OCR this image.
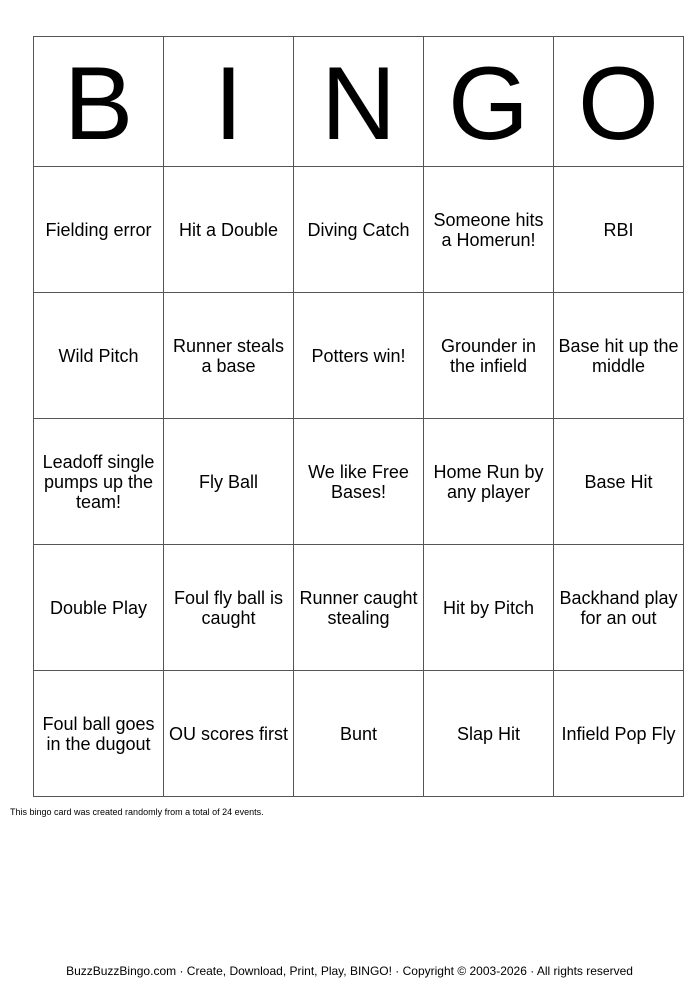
B	I	N	G	O
Fielding error	Hit a Double	Diving Catch	Someone hits a Homerun!	RBI
Wild Pitch	Runner steals a base	Potters win!	Grounder in the infield	Base hit up the middle
Leadoff single pumps up the team!	Fly Ball	We like Free Bases!	Home Run by any player	Base Hit
Double Play	Foul fly ball is caught	Runner caught stealing	Hit by Pitch	Backhand play for an out
Foul ball goes in the dugout	OU scores first	Bunt	Slap Hit	Infield Pop Fly
This bingo card was created randomly from a total of 24 events.
BuzzBuzzBingo.com · Create, Download, Print, Play, BINGO! · Copyright © 2003-2026 · All rights reserved
